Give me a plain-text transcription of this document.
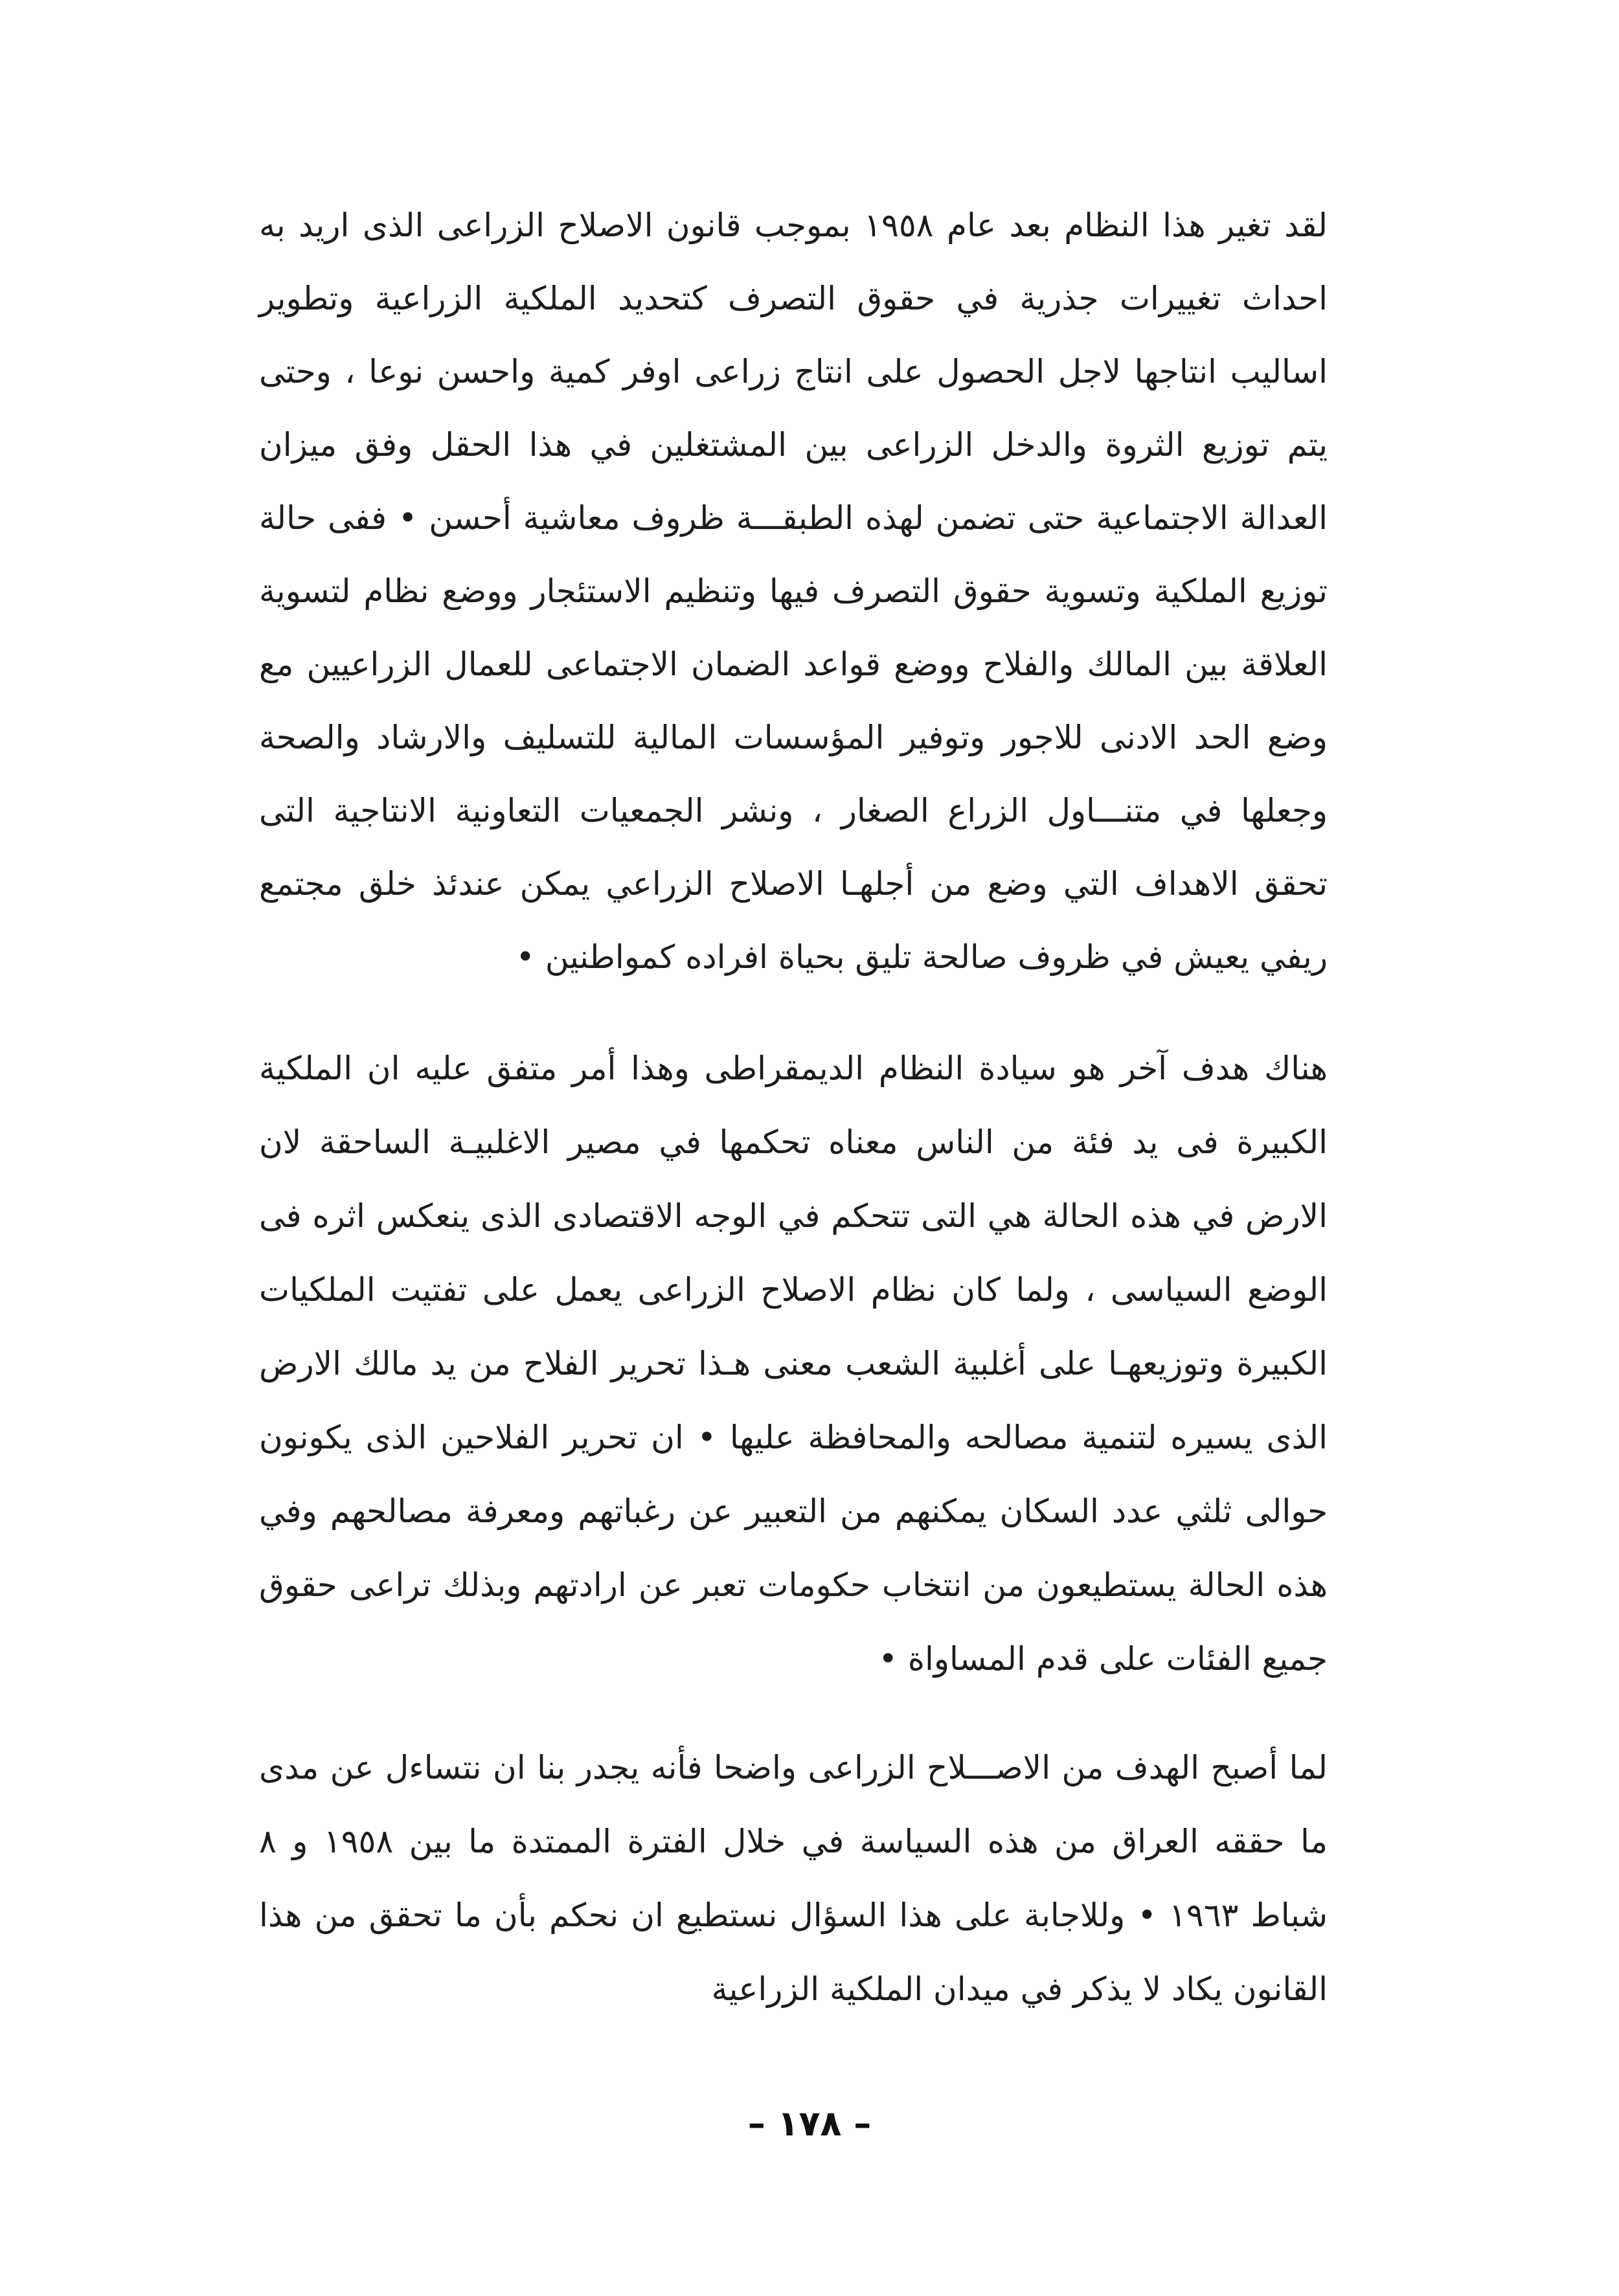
لقد تغير هذا النظام بعد عام ١٩٥٨ بموجب قانون الاصلاح الزراعى الذى اريد به احداث تغييرات جذرية في حقوق التصرف كتحديد الملكية الزراعية وتطوير اساليب انتاجها لاجل الحصول على انتاج زراعى اوفر كمية واحسن نوعا ، وحتى يتم توزيع الثروة والدخل الزراعى بين المشتغلين في هذا الحقل وفق ميزان العدالة الاجتماعية حتى تضمن لهذه الطبقـــة ظروف معاشية أحسن • ففى حالة توزيع الملكية وتسوية حقوق التصرف فيها وتنظيم الاستئجار ووضع نظام لتسوية العلاقة بين المالك والفلاح ووضع قواعد الضمان الاجتماعى للعمال الزراعيين مع وضع الحد الادنى للاجور وتوفير المؤسسات المالية للتسليف والارشاد والصحة وجعلها في متنـــاول الزراع الصغار ، ونشر الجمعيات التعاونية الانتاجية التى تحقق الاهداف التي وضع من أجلهـا الاصلاح الزراعي يمكن عندئذ خلق مجتمع ريفي يعيش في ظروف صالحة تليق بحياة افراده كمواطنين •

هناك هدف آخر هو سيادة النظام الديمقراطى وهذا أمر متفق عليه ان الملكية الكبيرة فى يد فئة من الناس معناه تحكمها في مصير الاغلبيـة الساحقة لان الارض في هذه الحالة هي التى تتحكم في الوجه الاقتصادى الذى ينعكس اثره فى الوضع السياسى ، ولما كان نظام الاصلاح الزراعى يعمل على تفتيت الملكيات الكبيرة وتوزيعهـا على أغلبية الشعب معنى هـذا تحرير الفلاح من يد مالك الارض الذى يسيره لتنمية مصالحه والمحافظة عليها • ان تحرير الفلاحين الذى يكونون حوالى ثلثي عدد السكان يمكنهم من التعبير عن رغباتهم ومعرفة مصالحهم وفي هذه الحالة يستطيعون من انتخاب حكومات تعبر عن ارادتهم وبذلك تراعى حقوق جميع الفئات على قدم المساواة •

لما أصبح الهدف من الاصـــلاح الزراعى واضحا فأنه يجدر بنا ان نتساءل عن مدى ما حققه العراق من هذه السياسة في خلال الفترة الممتدة ما بين ١٩٥٨ و ٨ شباط ١٩٦٣ • وللاجابة على هذا السؤال نستطيع ان نحكم بأن ما تحقق من هذا القانون يكاد لا يذكر في ميدان الملكية الزراعية

– ١٧٨ –
